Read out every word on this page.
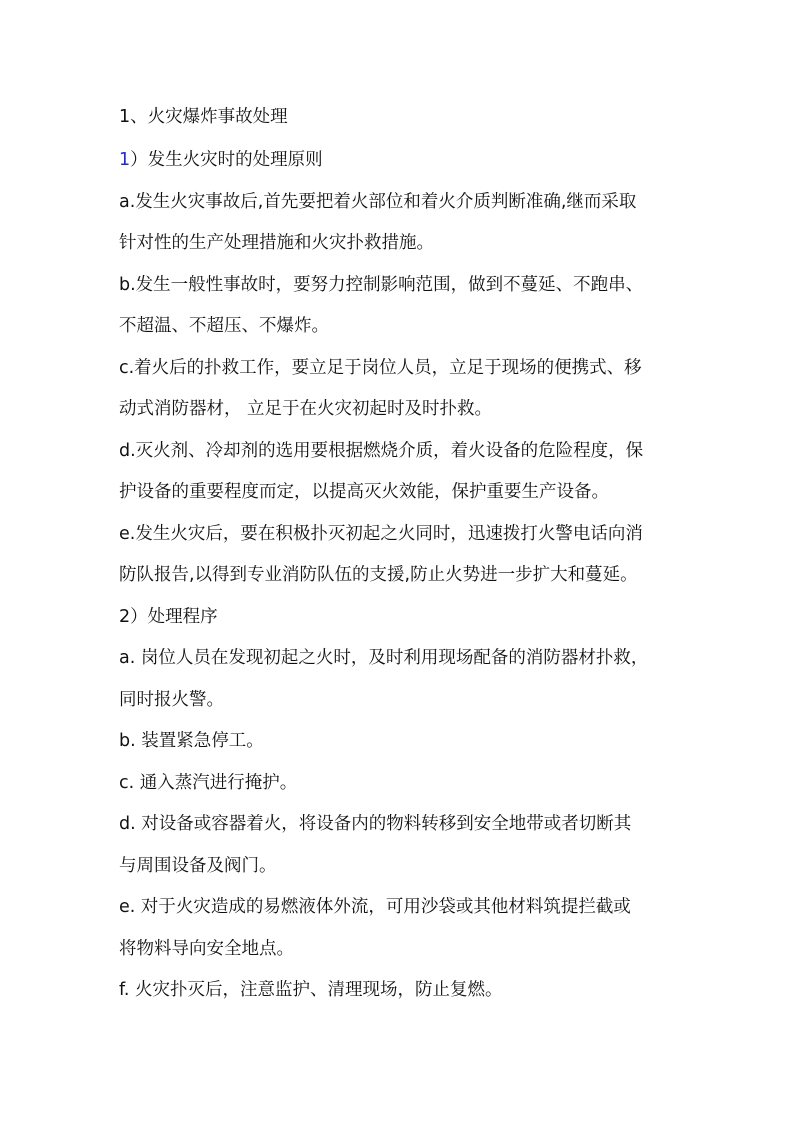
1、火灾爆炸事故处理
1）发生火灾时的处理原则
a.发生火灾事故后,首先要把着火部位和着火介质判断准确,继而采取
针对性的生产处理措施和火灾扑救措施。
b.发生一般性事故时，要努力控制影响范围，做到不蔓延、不跑串、
不超温、不超压、不爆炸。
c.着火后的扑救工作，要立足于岗位人员，立足于现场的便携式、移
动式消防器材， 立足于在火灾初起时及时扑救。
d.灭火剂、冷却剂的选用要根据燃烧介质，着火设备的危险程度，保
护设备的重要程度而定，以提高灭火效能，保护重要生产设备。
e.发生火灾后，要在积极扑灭初起之火同时，迅速拨打火警电话向消
防队报告,以得到专业消防队伍的支援,防止火势进一步扩大和蔓延。
2）处理程序
a. 岗位人员在发现初起之火时，及时利用现场配备的消防器材扑救，
同时报火警。
b. 装置紧急停工。
c. 通入蒸汽进行掩护。
d. 对设备或容器着火，将设备内的物料转移到安全地带或者切断其
与周围设备及阀门。
e. 对于火灾造成的易燃液体外流，可用沙袋或其他材料筑提拦截或
将物料导向安全地点。
f. 火灾扑灭后，注意监护、清理现场，防止复燃。
